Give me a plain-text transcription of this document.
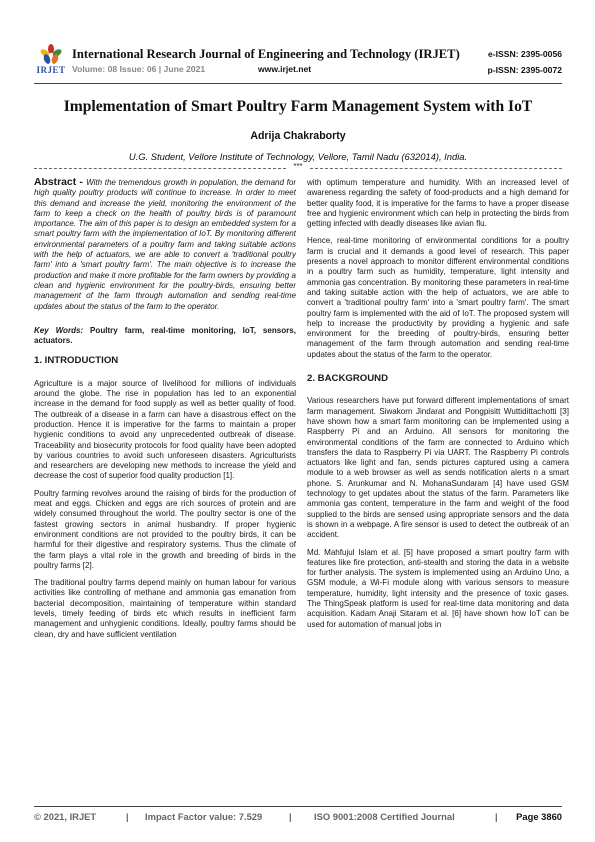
IRJET
International Research Journal of Engineering and Technology (IRJET)
Volume: 08 Issue: 06 | June 2021	www.irjet.net
e-ISSN: 2395-0056
p-ISSN: 2395-0072
Implementation of Smart Poultry Farm Management System with IoT
Adrija Chakraborty
U.G. Student, Vellore Institute of Technology, Vellore, Tamil Nadu (632014), India.
***

Abstract - With the tremendous growth in population, the demand for high quality poultry products will continue to increase. In order to meet this demand and increase the yield, monitoring the environment of the farm to keep a check on the health of poultry birds is of paramount importance. The aim of this paper is to design an embedded system for a smart poultry farm with the implementation of IoT. By monitoring different environmental parameters of a poultry farm and taking suitable actions with the help of actuators, we are able to convert a 'traditional poultry farm' into a 'smart poultry farm'. The main objective is to increase the production and make it more profitable for the farm owners by providing a clean and hygienic environment for the poultry-birds, ensuring better management of the farm through automation and sending real-time updates about the status of the farm to the operator.

Key Words: Poultry farm, real-time monitoring, IoT, sensors, actuators.

1. INTRODUCTION

Agriculture is a major source of livelihood for millions of individuals around the globe. The rise in population has led to an exponential increase in the demand for food supply as well as better quality of food. The outbreak of a disease in a farm can have a disastrous effect on the production. Hence it is imperative for the farms to maintain a proper hygienic conditions to avoid any unprecedented outbreak of disease. Traceability and biosecurity protocols for food quality have been adopted by various countries to avoid such unforeseen disasters. Agriculturists and researchers are developing new methods to increase the yield and decrease the cost of superior food quality production [1].

Poultry farming revolves around the raising of birds for the production of meat and eggs. Chicken and eggs are rich sources of protein and are widely consumed throughout the world. The poultry sector is one of the fastest growing sectors in animal husbandry. If proper hygienic environment conditions are not provided to the poultry birds, it can be harmful for their digestive and respiratory systems. Thus the climate of the farm plays a vital role in the growth and breeding of birds in the poultry farms [2].

The traditional poultry farms depend mainly on human labour for various activities like controlling of methane and ammonia gas emanation from bacterial decomposition, maintaining of temperature within standard levels, timely feeding of birds etc which results in inefficient farm management and unhygienic conditions. Ideally, poultry farms should be clean, dry and have sufficient ventilation

with optimum temperature and humidity. With an increased level of awareness regarding the safety of food-products and a high demand for better quality food, it is imperative for the farms to have a proper disease free and hygienic environment which can help in protecting the birds from getting infected with deadly diseases like avian flu.

Hence, real-time monitoring of environmental conditions for a poultry farm is crucial and it demands a good level of research. This paper presents a novel approach to monitor different environmental conditions in a poultry farm such as humidity, temperature, light intensity and ammonia gas concentration. By monitoring these parameters in real-time and taking suitable action with the help of actuators, we are able to convert a 'traditional poultry farm' into a 'smart poultry farm'. The smart poultry farm is implemented with the aid of IoT. The proposed system will help to increase the productivity by providing a hygienic and safe environment for the breeding of poultry-birds, ensuring better management of the farm through automation and sending real-time updates about the status of the farm to the operator.

2. BACKGROUND

Various researchers have put forward different implementations of smart farm management. Siwakorn Jindarat and Pongpisitt Wuttidittachotti [3] have shown how a smart farm monitoring can be implemented using a Raspberry Pi and an Arduino. All sensors for monitoring the environmental conditions of the farm are connected to Arduino which transfers the data to Raspberry Pi via UART. The Raspberry Pi controls actuators like light and fan, sends pictures captured using a camera module to a web browser as well as sends notification alerts n a smart phone. S. Arunkumar and N. MohanaSundaram [4] have used GSM technology to get updates about the status of the farm. Parameters like ammonia gas content, temperature in the farm and weight of the food supplied to the birds are sensed using appropriate sensors and the data is shown in a webpage. A fire sensor is used to detect the outbreak of an accident.

Md. Mahfujul Islam et al. [5] have proposed a smart poultry farm with features like fire protection, anti-stealth and storing the data in a website for further analysis. The system is implemented using an Arduino Uno, a GSM module, a Wi-Fi module along with various sensors to measure temperature, humidity, light intensity and the presence of toxic gases. The ThingSpeak platform is used for real-time data monitoring and data acquisition. Kadam Anaji Sitaram et al. [6] have shown how IoT can be used for automation of manual jobs in

© 2021, IRJET	| Impact Factor value: 7.529	| ISO 9001:2008 Certified Journal	| Page 3860
